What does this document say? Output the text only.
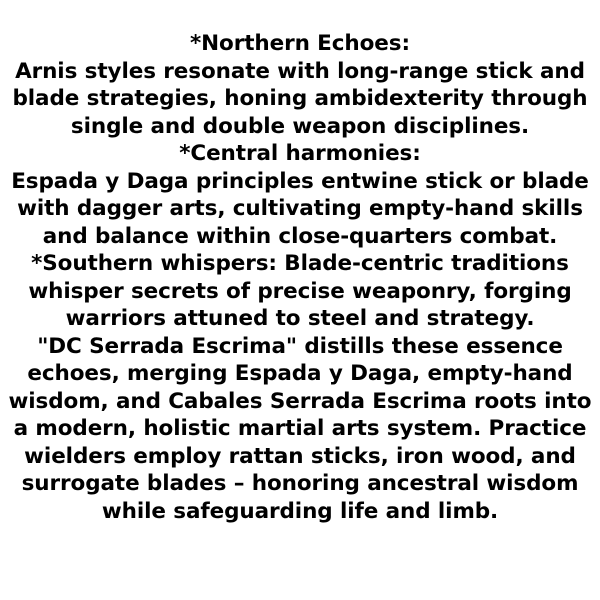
*Northern Echoes:

Arnis styles resonate with long-range stick and blade strategies, honing ambidexterity through single and double weapon disciplines.

*Central harmonies:

Espada y Daga principles entwine stick or blade with dagger arts, cultivating empty-hand skills and balance within close-quarters combat.

*Southern whispers: Blade-centric traditions whisper secrets of precise weaponry, forging warriors attuned to steel and strategy.

"DC Serrada Escrima" distills these essence echoes, merging Espada y Daga, empty-hand wisdom, and Cabales Serrada Escrima roots into a modern, holistic martial arts system. Practice wielders employ rattan sticks, iron wood, and surrogate blades – honoring ancestral wisdom while safeguarding life and limb.
